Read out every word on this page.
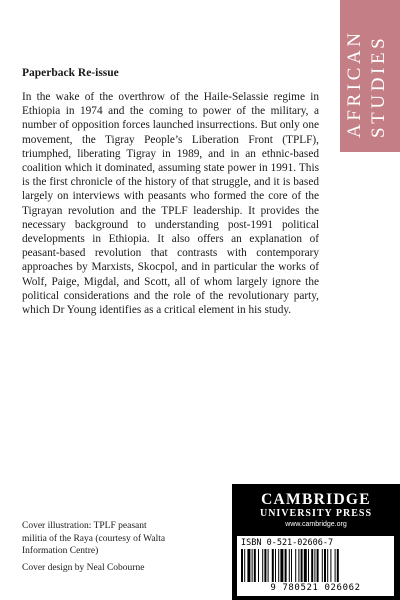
AFRICAN STUDIES
Paperback Re-issue

In the wake of the overthrow of the Haile-Selassie regime in Ethiopia in 1974 and the coming to power of the military, a number of opposition forces launched insurrections. But only one movement, the Tigray People’s Liberation Front (TPLF), triumphed, liberating Tigray in 1989, and in an ethnic-based coalition which it dominated, assuming state power in 1991. This is the first chronicle of the history of that struggle, and it is based largely on interviews with peasants who formed the core of the Tigrayan revolution and the TPLF leadership. It provides the necessary background to understanding post-1991 political developments in Ethiopia. It also offers an explanation of peasant-based revolution that contrasts with contemporary approaches by Marxists, Skocpol, and in particular the works of Wolf, Paige, Migdal, and Scott, all of whom largely ignore the political considerations and the role of the revolutionary party, which Dr Young identifies as a critical element in his study.

Cover illustration: TPLF peasant militia of the Raya (courtesy of Walta Information Centre)

Cover design by Neal Cobourne
CAMBRIDGE
UNIVERSITY PRESS
www.cambridge.org
ISBN 0-521-02606-7
9 780521 026062
